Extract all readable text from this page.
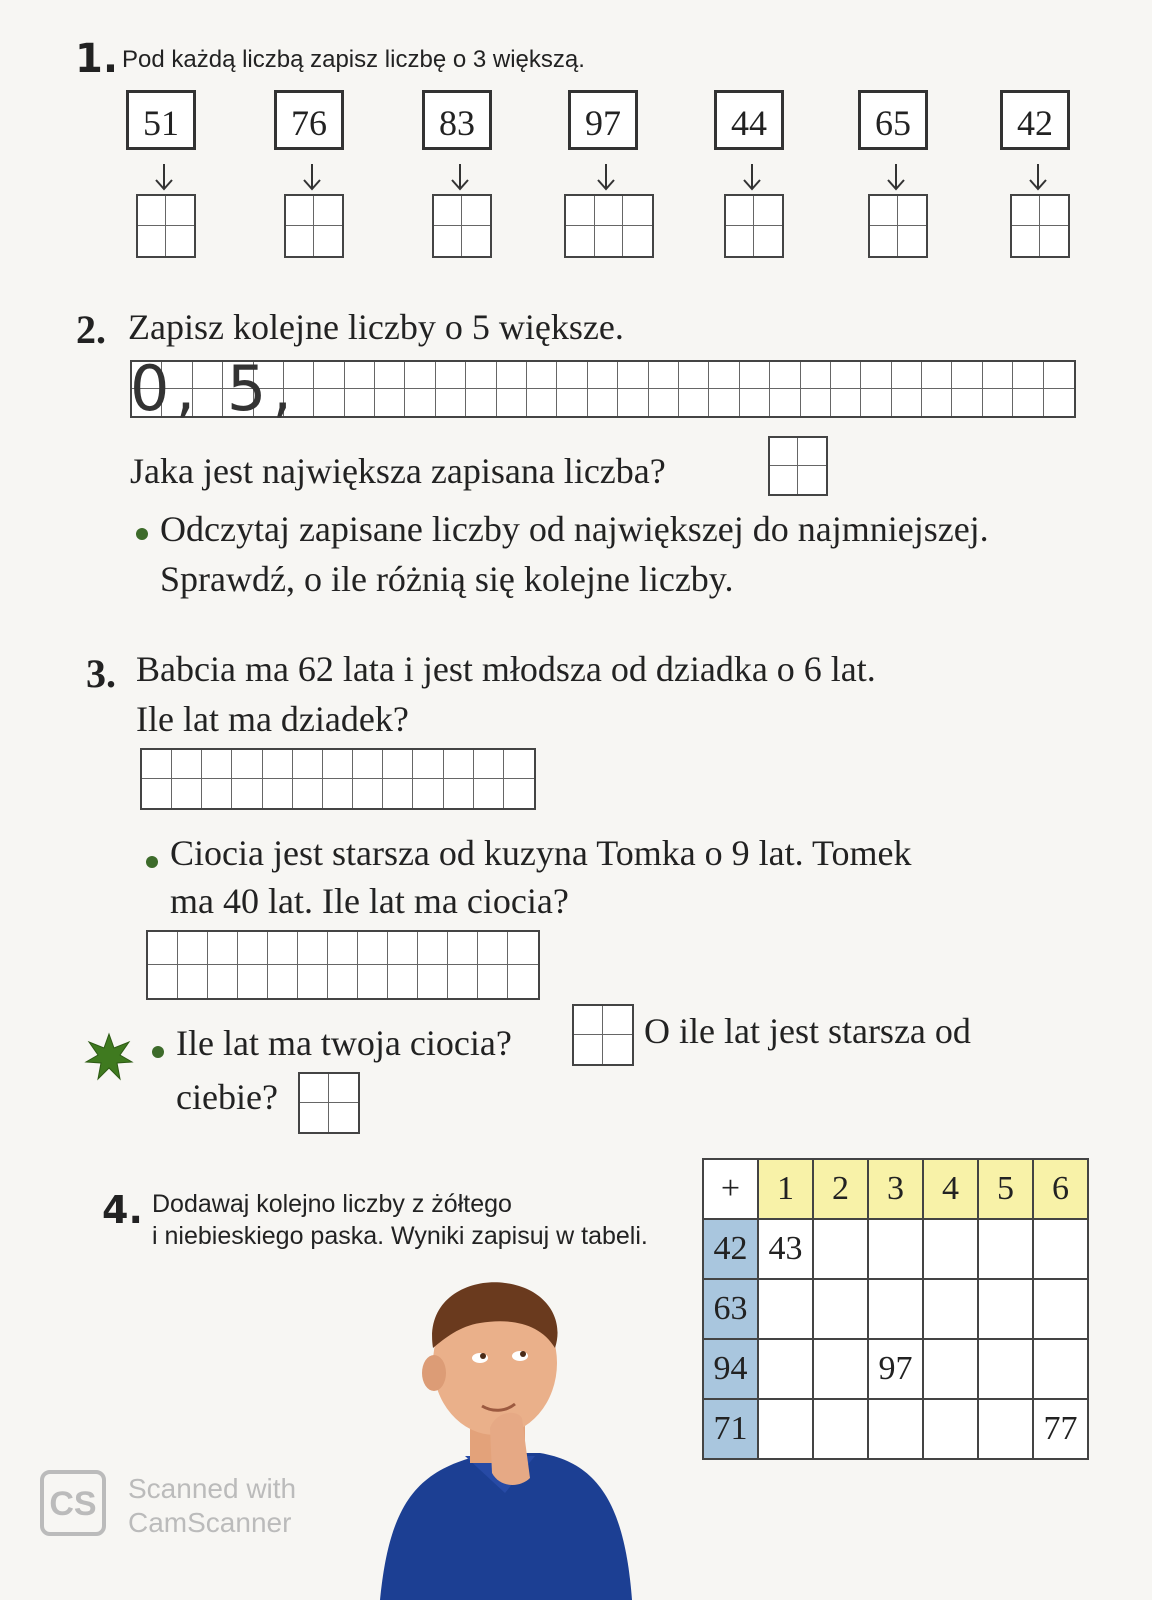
1. Pod każdą liczbą zapisz liczbę o 3 większą.
51	76	83	97	44	65	42
2. Zapisz kolejne liczby o 5 większe.
0, 5,
Jaka jest największa zapisana liczba?
Odczytaj zapisane liczby od największej do najmniejszej.
Sprawdź, o ile różnią się kolejne liczby.
3. Babcia ma 62 lata i jest młodsza od dziadka o 6 lat.
Ile lat ma dziadek?
Ciocia jest starsza od kuzyna Tomka o 9 lat. Tomek
ma 40 lat. Ile lat ma ciocia?
Ile lat ma twoja ciocia?	O ile lat jest starsza od
ciebie?
4. Dodawaj kolejno liczby z żółtego
i niebieskiego paska. Wyniki zapisuj w tabeli.
+	1	2	3	4	5	6
42	43					
63						
94			97			
71						77
CS	Scanned with
CamScanner
